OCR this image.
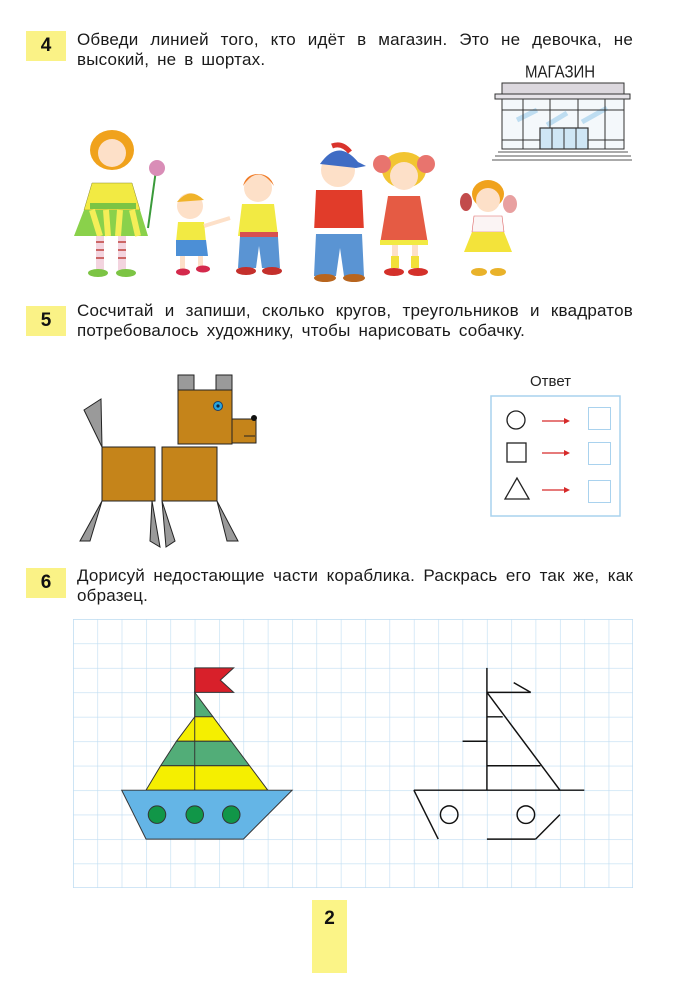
4 Обведи линией того, кто идёт в магазин. Это не девочка, не высокий, не в шортах.

МАГАЗИН
5 Сосчитай и запиши, сколько кругов, треугольников и квадратов потребовалось художнику, чтобы нарисовать собачку.

Ответ
6 Дорисуй недостающие части кораблика. Раскрась его так же, как образец.

2
